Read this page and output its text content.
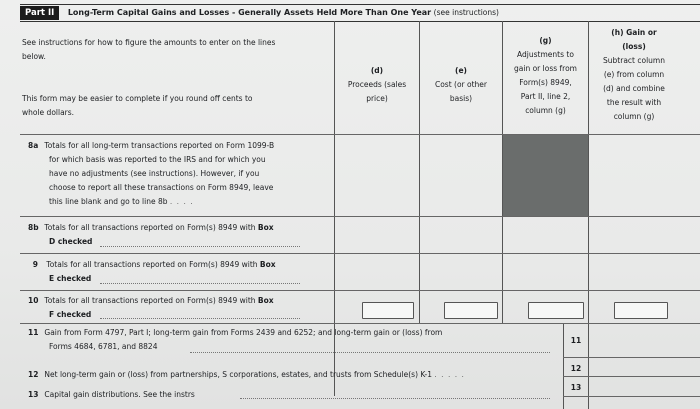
Part II Long-Term Capital Gains and Losses - Generally Assets Held More Than One Year (see instructions)
See instructions for how to figure the amounts to enter on the lines
below.
This form may be easier to complete if you round off cents to
whole dollars.
(d)
Proceeds (sales
price)
(e)
Cost (or other
basis)
(g)
Adjustments to
gain or loss from
Form(s) 8949,
Part II, line 2,
column (g)
(h) Gain or
(loss)
Subtract column
(e) from column
(d) and combine
the result with
column (g)
8a Totals for all long-term transactions reported on Form 1099-B
for which basis was reported to the IRS and for which you
have no adjustments (see instructions). However, if you
choose to report all these transactions on Form 8949, leave
this line blank and go to line 8b . . . .
8b Totals for all transactions reported on Form(s) 8949 with Box
D checked
9 Totals for all transactions reported on Form(s) 8949 with Box
E checked
10 Totals for all transactions reported on Form(s) 8949 with Box
F checked
11 Gain from Form 4797, Part I; long-term gain from Forms 2439 and 6252; and long-term gain or (loss) from
Forms 4684, 6781, and 8824
11
12 Net long-term gain or (loss) from partnerships, S corporations, estates, and trusts from Schedule(s) K-1 . . . . .
12
13 Capital gain distributions. See the instrs
13
